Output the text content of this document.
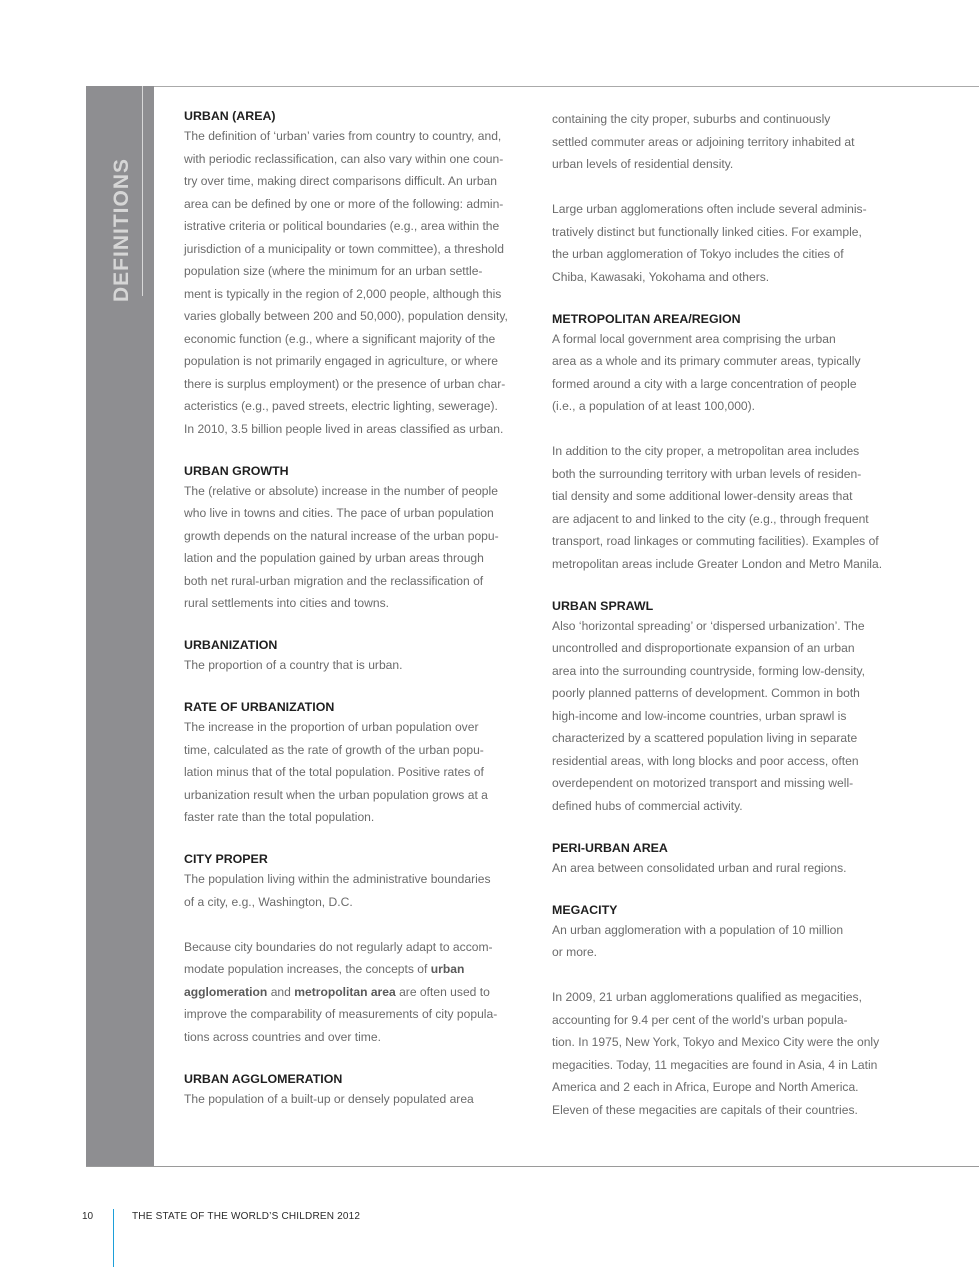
DEFINITIONS

URBAN (AREA)

The definition of ‘urban’ varies from country to country, and,
with periodic reclassification, can also vary within one coun-
try over time, making direct comparisons difficult. An urban
area can be defined by one or more of the following: admin-
istrative criteria or political boundaries (e.g., area within the
jurisdiction of a municipality or town committee), a threshold
population size (where the minimum for an urban settle-
ment is typically in the region of 2,000 people, although this
varies globally between 200 and 50,000), population density,
economic function (e.g., where a significant majority of the
population is not primarily engaged in agriculture, or where
there is surplus employment) or the presence of urban char-
acteristics (e.g., paved streets, electric lighting, sewerage).
In 2010, 3.5 billion people lived in areas classified as urban.

URBAN GROWTH

The (relative or absolute) increase in the number of people
who live in towns and cities. The pace of urban population
growth depends on the natural increase of the urban popu-
lation and the population gained by urban areas through
both net rural-urban migration and the reclassification of
rural settlements into cities and towns.

URBANIZATION

The proportion of a country that is urban.

RATE OF URBANIZATION

The increase in the proportion of urban population over
time, calculated as the rate of growth of the urban popu-
lation minus that of the total population. Positive rates of
urbanization result when the urban population grows at a
faster rate than the total population.

CITY PROPER

The population living within the administrative boundaries
of a city, e.g., Washington, D.C.

Because city boundaries do not regularly adapt to accom-
modate population increases, the concepts of urban
agglomeration and metropolitan area are often used to
improve the comparability of measurements of city popula-
tions across countries and over time.

URBAN AGGLOMERATION

The population of a built-up or densely populated area

containing the city proper, suburbs and continuously
settled commuter areas or adjoining territory inhabited at
urban levels of residential density.

Large urban agglomerations often include several adminis-
tratively distinct but functionally linked cities. For example,
the urban agglomeration of Tokyo includes the cities of
Chiba, Kawasaki, Yokohama and others.

METROPOLITAN AREA/REGION

A formal local government area comprising the urban
area as a whole and its primary commuter areas, typically
formed around a city with a large concentration of people
(i.e., a population of at least 100,000).

In addition to the city proper, a metropolitan area includes
both the surrounding territory with urban levels of residen-
tial density and some additional lower-density areas that
are adjacent to and linked to the city (e.g., through frequent
transport, road linkages or commuting facilities). Examples of
metropolitan areas include Greater London and Metro Manila.

URBAN SPRAWL

Also ‘horizontal spreading’ or ‘dispersed urbanization’. The
uncontrolled and disproportionate expansion of an urban
area into the surrounding countryside, forming low-density,
poorly planned patterns of development. Common in both
high-income and low-income countries, urban sprawl is
characterized by a scattered population living in separate
residential areas, with long blocks and poor access, often
overdependent on motorized transport and missing well-
defined hubs of commercial activity.

PERI-URBAN AREA

An area between consolidated urban and rural regions.

MEGACITY

An urban agglomeration with a population of 10 million
or more.

In 2009, 21 urban agglomerations qualified as megacities,
accounting for 9.4 per cent of the world’s urban popula-
tion. In 1975, New York, Tokyo and Mexico City were the only
megacities. Today, 11 megacities are found in Asia, 4 in Latin
America and 2 each in Africa, Europe and North America.
Eleven of these megacities are capitals of their countries.

10	THE STATE OF THE WORLD’S CHILDREN 2012
